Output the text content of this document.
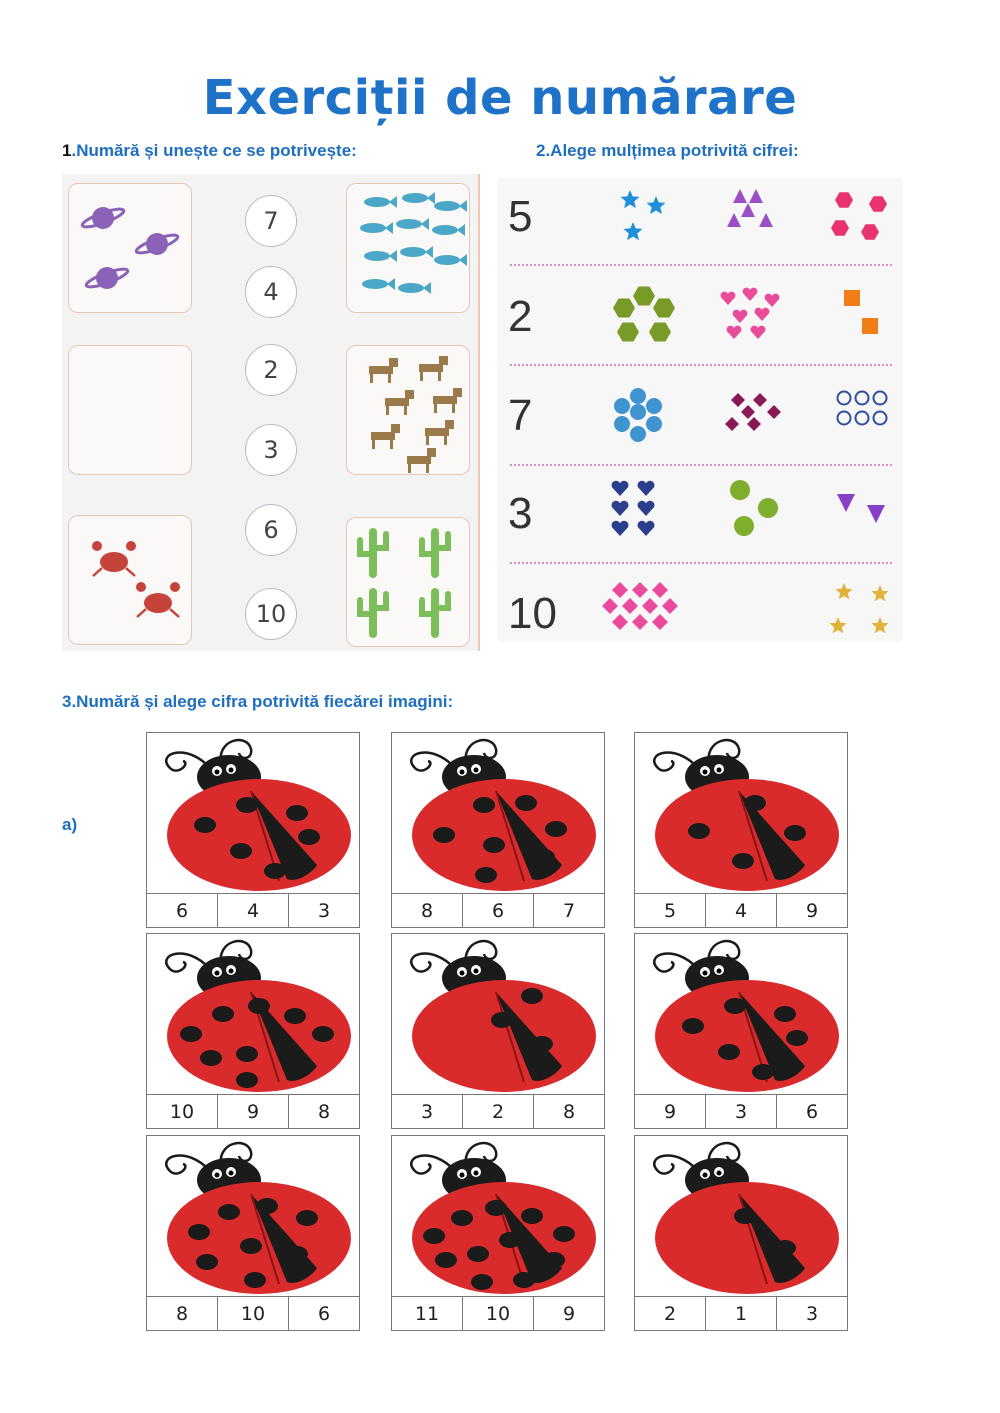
Exerciții de numărare
1.Numără și unește ce se potrivește:	2.Alege mulțimea potrivită cifrei:
7
4
2
3
6
10
5
2
7
3
10
3.Numără și alege cifra potrivită fiecărei imagini:
a)
6	4	3	8	6	7	5	4	9
10	9	8	3	2	8	9	3	6
8	10	6	11	10	9	2	1	3
